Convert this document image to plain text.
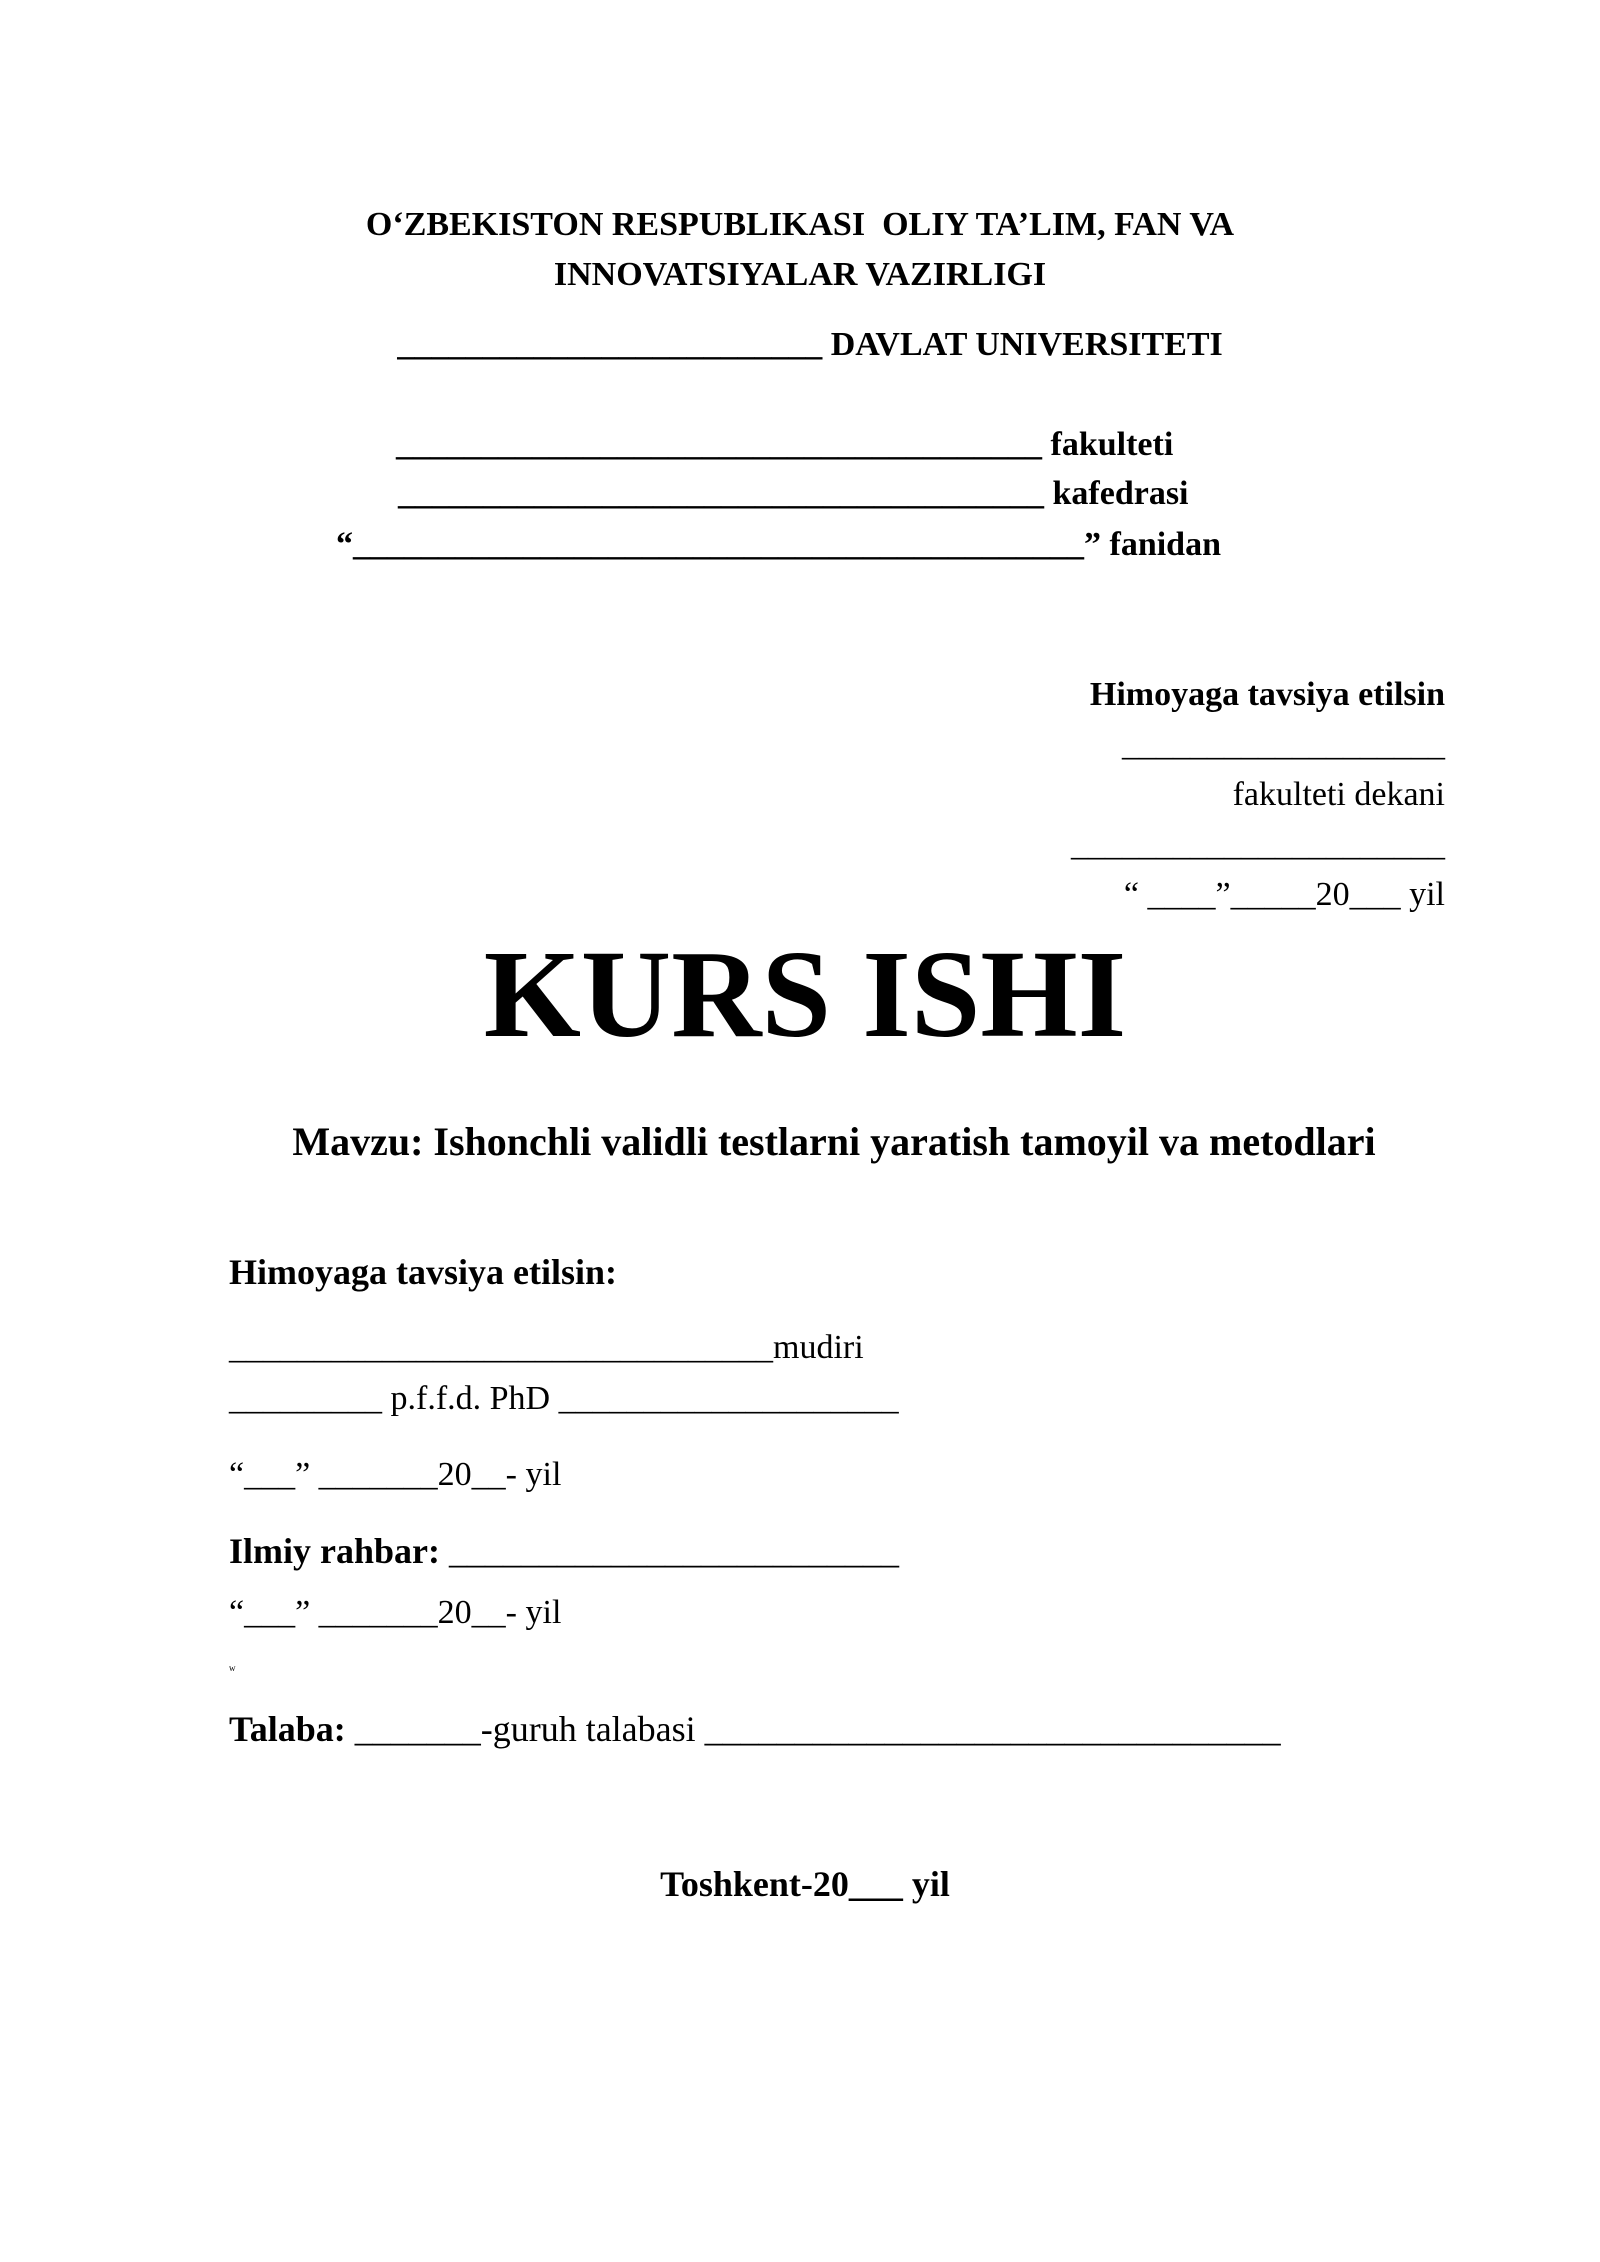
O‘ZBEKISTON RESPUBLIKASI  OLIY TA’LIM, FAN VA

INNOVATSIYALAR VAZIRLIGI

_________________________ DAVLAT UNIVERSITETI

______________________________________ fakulteti

______________________________________ kafedrasi

“___________________________________________” fanidan

Himoyaga tavsiya etilsin

___________________

fakulteti dekani

______________________

“ ____”_____20___ yil

KURS ISHI

Mavzu: Ishonchli validli testlarni yaratish tamoyil va metodlari

Himoyaga tavsiya etilsin:

________________________________mudiri

_________ p.f.f.d. PhD ____________________

“___” _______20__- yil

Ilmiy rahbar: _________________________

“___” _______20__- yil

w

Talaba: _______-guruh talabasi ________________________________

Toshkent-20___ yil
